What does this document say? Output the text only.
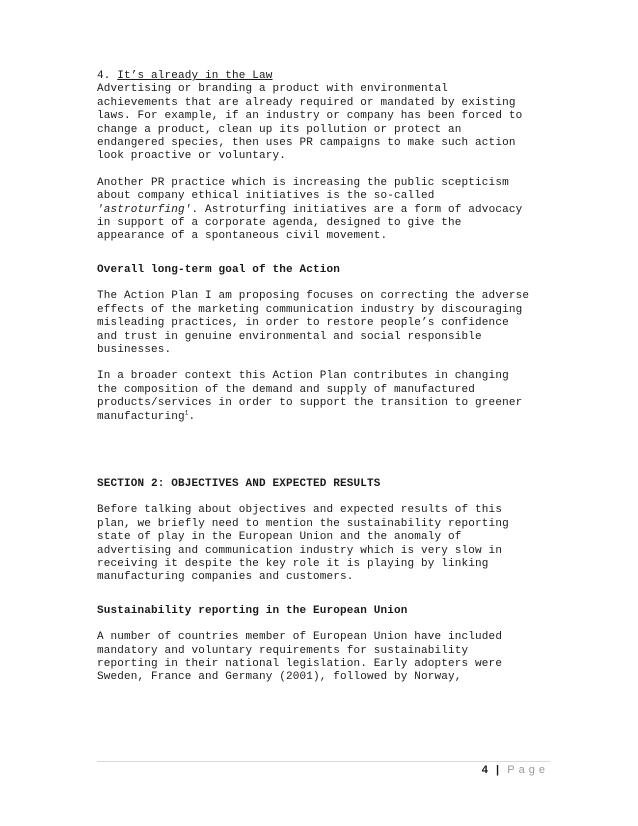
4. It’s already in the Law

Advertising or branding a product with environmental
achievements that are already required or mandated by existing
laws. For example, if an industry or company has been forced to
change a product, clean up its pollution or protect an
endangered species, then uses PR campaigns to make such action
look proactive or voluntary.

Another PR practice which is increasing the public scepticism
about company ethical initiatives is the so-called
'astroturfing'. Astroturfing initiatives are a form of advocacy
in support of a corporate agenda, designed to give the
appearance of a spontaneous civil movement.

Overall long-term goal of the Action

The Action Plan I am proposing focuses on correcting the adverse
effects of the marketing communication industry by discouraging
misleading practices, in order to restore people’s confidence
and trust in genuine environmental and social responsible
businesses.

In a broader context this Action Plan contributes in changing
the composition of the demand and supply of manufactured
products/services in order to support the transition to greener
manufacturing$^1$.

SECTION 2: OBJECTIVES AND EXPECTED RESULTS

Before talking about objectives and expected results of this
plan, we briefly need to mention the sustainability reporting
state of play in the European Union and the anomaly of
advertising and communication industry which is very slow in
receiving it despite the key role it is playing by linking
manufacturing companies and customers.

Sustainability reporting in the European Union

A number of countries member of European Union have included
mandatory and voluntary requirements for sustainability
reporting in their national legislation. Early adopters were
Sweden, France and Germany (2001), followed by Norway,

4 | Page
